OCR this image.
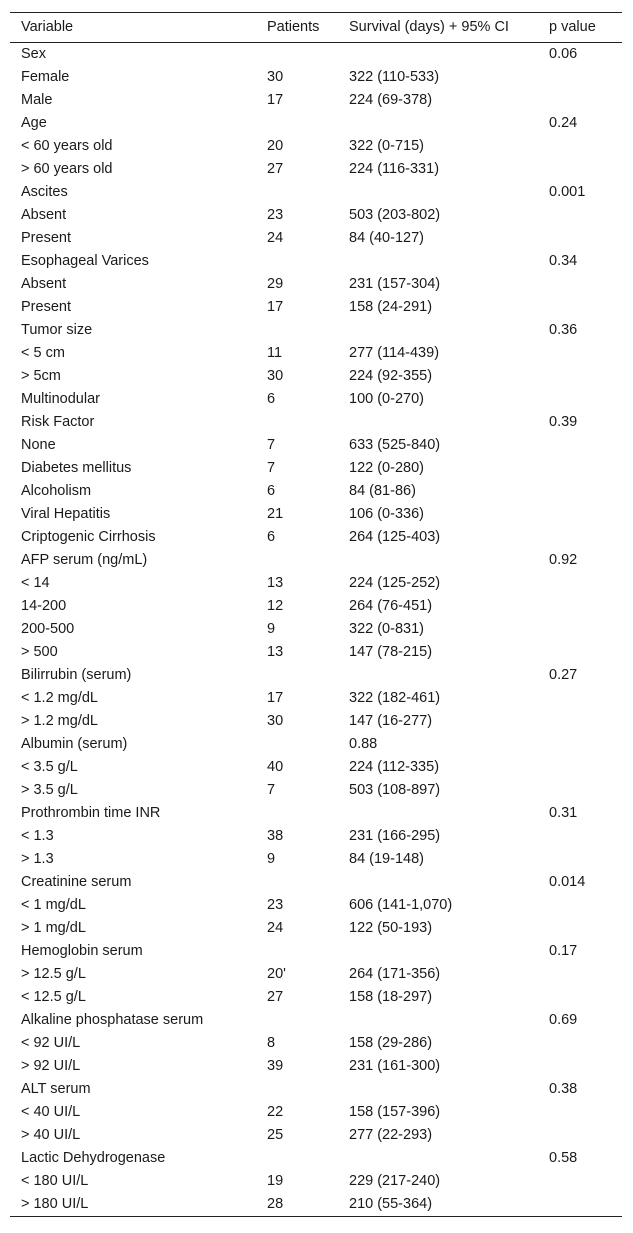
Variable	Patients	Survival (days) + 95% CI	p value
Sex			0.06
Female	30	322 (110-533)	
Male	17	224 (69-378)	
Age			0.24
< 60 years old	20	322 (0-715)	
> 60 years old	27	224 (116-331)	
Ascites			0.001
Absent	23	503 (203-802)	
Present	24	84 (40-127)	
Esophageal Varices			0.34
Absent	29	231 (157-304)	
Present	17	158 (24-291)	
Tumor size			0.36
< 5 cm	11	277 (114-439)	
> 5cm	30	224 (92-355)	
Multinodular	6	100 (0-270)	
Risk Factor			0.39
None	7	633 (525-840)	
Diabetes mellitus	7	122 (0-280)	
Alcoholism	6	84 (81-86)	
Viral Hepatitis	21	106 (0-336)	
Criptogenic Cirrhosis	6	264 (125-403)	
AFP serum (ng/mL)			0.92
< 14	13	224 (125-252)	
14-200	12	264 (76-451)	
200-500	9	322 (0-831)	
> 500	13	147 (78-215)	
Bilirrubin (serum)			0.27
< 1.2 mg/dL	17	322 (182-461)	
> 1.2 mg/dL	30	147 (16-277)	
Albumin (serum)		0.88	
< 3.5 g/L	40	224 (112-335)	
> 3.5 g/L	7	503 (108-897)	
Prothrombin time INR			0.31
< 1.3	38	231 (166-295)	
> 1.3	9	84 (19-148)	
Creatinine serum			0.014
< 1 mg/dL	23	606 (141-1,070)	
> 1 mg/dL	24	122 (50-193)	
Hemoglobin serum			0.17
> 12.5 g/L	20'	264 (171-356)	
< 12.5 g/L	27	158 (18-297)	
Alkaline phosphatase serum			0.69
< 92 UI/L	8	158 (29-286)	
> 92 UI/L	39	231 (161-300)	
ALT serum			0.38
< 40 UI/L	22	158 (157-396)	
> 40 UI/L	25	277 (22-293)	
Lactic Dehydrogenase			0.58
< 180 UI/L	19	229 (217-240)	
> 180 UI/L	28	210 (55-364)	
